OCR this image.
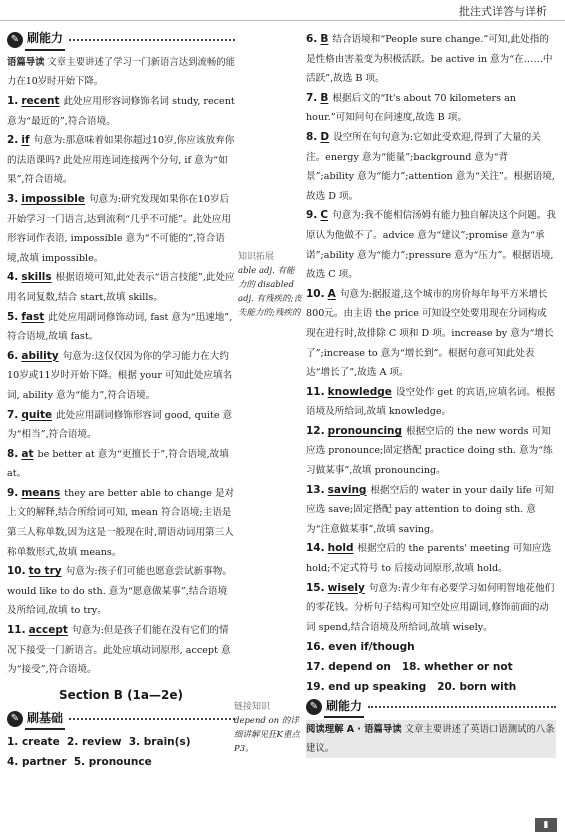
批注式详答与详析
✎ 刷能力
语篇导读 文章主要讲述了学习一门新语言达到流畅的能力在10岁时开始下降。

1. recent 此处应用形容词修饰名词 study, recent 意为“最近的”,符合语境。

2. if 句意为:那意味着如果你超过10岁,你应该放弃你的法语课吗? 此处应用连词连接两个分句, if 意为“如果”,符合语境。

3. impossible 句意为:研究发现如果你在10岁后开始学习一门语言,达到流利“几乎不可能”。此处应用形容词作表语, impossible 意为“不可能的”,符合语境,故填 impossible。

4. skills 根据语境可知,此处表示“语言技能”,此处应用名词复数,结合 start,故填 skills。

5. fast 此处应用副词修饰动词, fast 意为“迅速地”,符合语境,故填 fast。

6. ability 句意为:这仅仅因为你的学习能力在大约10岁或11岁时开始下降。根据 your 可知此处应填名词, ability 意为“能力”,符合语境。

7. quite 此处应用副词修饰形容词 good, quite 意为“相当”,符合语境。

8. at be better at 意为“更擅长于”,符合语境,故填 at。

9. means they are better able to change 是对上文的解释,结合所给词可知, mean 符合语境;主语是第三人称单数,因为这是一般现在时,谓语动词用第三人称单数形式,故填 means。

10. to try 句意为:孩子们可能也愿意尝试新事物。would like to do sth. 意为“愿意做某事”,结合语境及所给词,故填 to try。

11. accept 句意为:但是孩子们能在没有它们的情况下接受一门新语言。此处应填动词原形, accept 意为“接受”,符合语境。

Section B (1a—2e)
✎ 刷基础
1. create 2. review 3. brain(s)
4. partner 5. pronounce
知识拓展
able adj. 有能力的 disabled adj. 有残疾的;丧失能力的;残疾的
链接知识
depend on 的详细讲解见狂K重点P3。

6. B 结合语境和“People sure change.”可知,此处指的是性格由害羞变为积极活跃。be active in 意为“在……中活跃”,故选 B 项。

7. B 根据后文的“It's about 70 kilometers an hour.”可知问句在问速度,故选 B 项。

8. D 设空所在句句意为:它如此受欢迎,得到了大量的关注。energy 意为“能量”;background 意为“背景”;ability 意为“能力”;attention 意为“关注”。根据语境,故选 D 项。

9. C 句意为:我不能相信汤姆有能力独自解决这个问题。我原认为他做不了。advice 意为“建议”;promise 意为“承诺”;ability 意为“能力”;pressure 意为“压力”。根据语境,故选 C 项。

10. A 句意为:据报道,这个城市的房价每年每平方米增长800元。由主语 the price 可知设空处要用现在分词构成现在进行时,故排除 C 项和 D 项。increase by 意为“增长了”;increase to 意为“增长到”。根据句意可知此处表达“增长了”,故选 A 项。

11. knowledge 设空处作 get 的宾语,应填名词。根据语境及所给词,故填 knowledge。

12. pronouncing 根据空后的 the new words 可知应选 pronounce;固定搭配 practice doing sth. 意为“练习做某事”,故填 pronouncing。

13. saving 根据空后的 water in your daily life 可知应选 save;固定搭配 pay attention to doing sth. 意为“注意做某事”,故填 saving。

14. hold 根据空后的 the parents' meeting 可知应选 hold;不定式符号 to 后接动词原形,故填 hold。

15. wisely 句意为:青少年有必要学习如何明智地花他们的零花钱。分析句子结构可知空处应用副词,修饰前面的动词 spend,结合语境及所给词,故填 wisely。

16. even if/though
17. depend on 18. whether or not
19. end up speaking 20. born with
✎ 刷能力
阅读理解 A · 语篇导读 文章主要讲述了英语口语测试的八条建议。
▮
